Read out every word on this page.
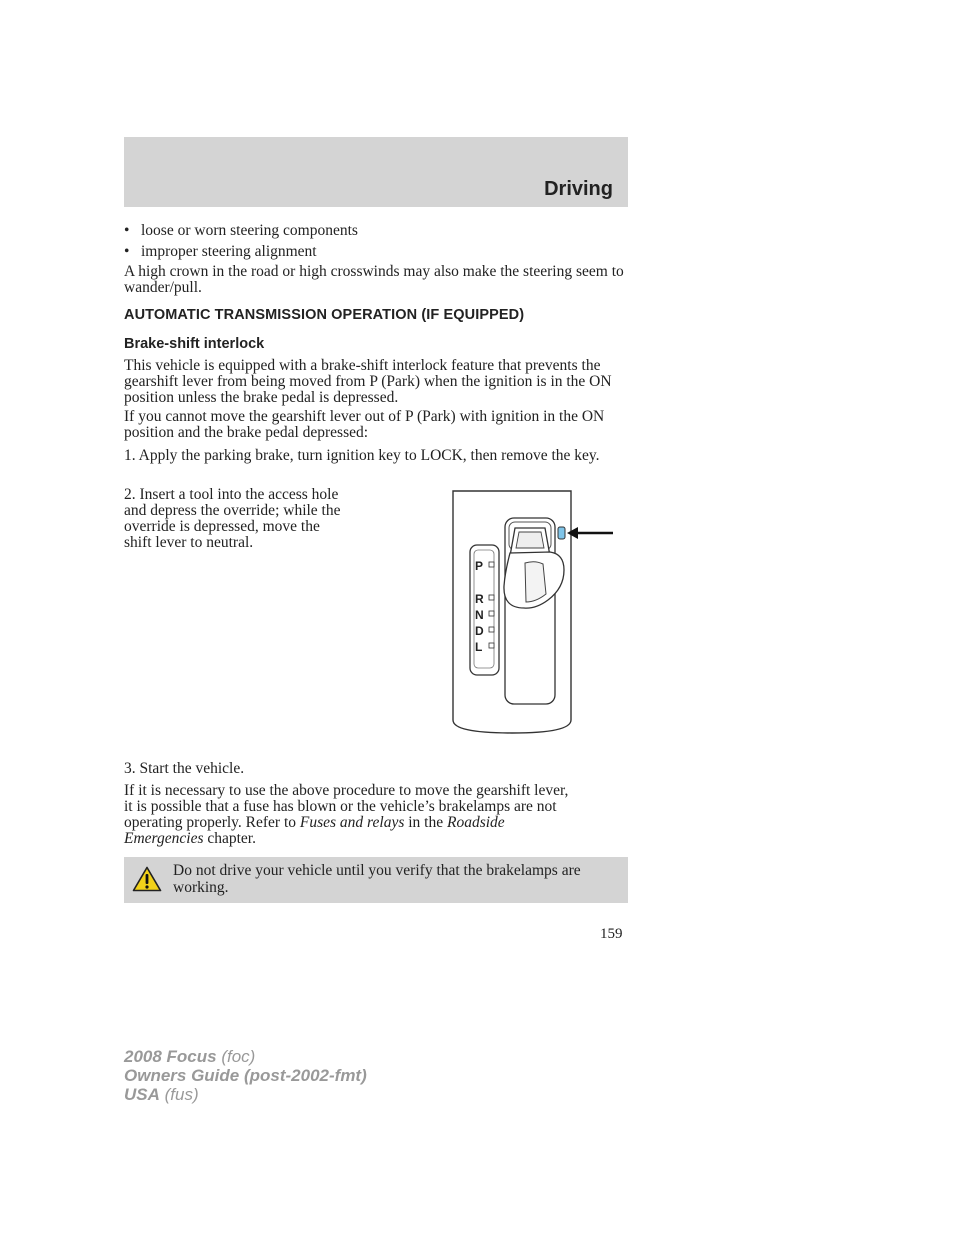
Driving
• loose or worn steering components
• improper steering alignment
A high crown in the road or high crosswinds may also make the steering seem to wander/pull.
AUTOMATIC TRANSMISSION OPERATION (IF EQUIPPED)
Brake-shift interlock
This vehicle is equipped with a brake-shift interlock feature that prevents the gearshift lever from being moved from P (Park) when the ignition is in the ON position unless the brake pedal is depressed.
If you cannot move the gearshift lever out of P (Park) with ignition in the ON position and the brake pedal depressed:
1. Apply the parking brake, turn ignition key to LOCK, then remove the key.
2. Insert a tool into the access hole
and depress the override; while the
override is depressed, move the
shift lever to neutral.
P
R
N
D
L
3. Start the vehicle.
If it is necessary to use the above procedure to move the gearshift lever,
it is possible that a fuse has blown or the vehicle’s brakelamps are not
operating properly. Refer to Fuses and relays in the Roadside
Emergencies chapter.
Do not drive your vehicle until you verify that the brakelamps are working.
159
2008 Focus (foc)
Owners Guide (post-2002-fmt)
USA (fus)
